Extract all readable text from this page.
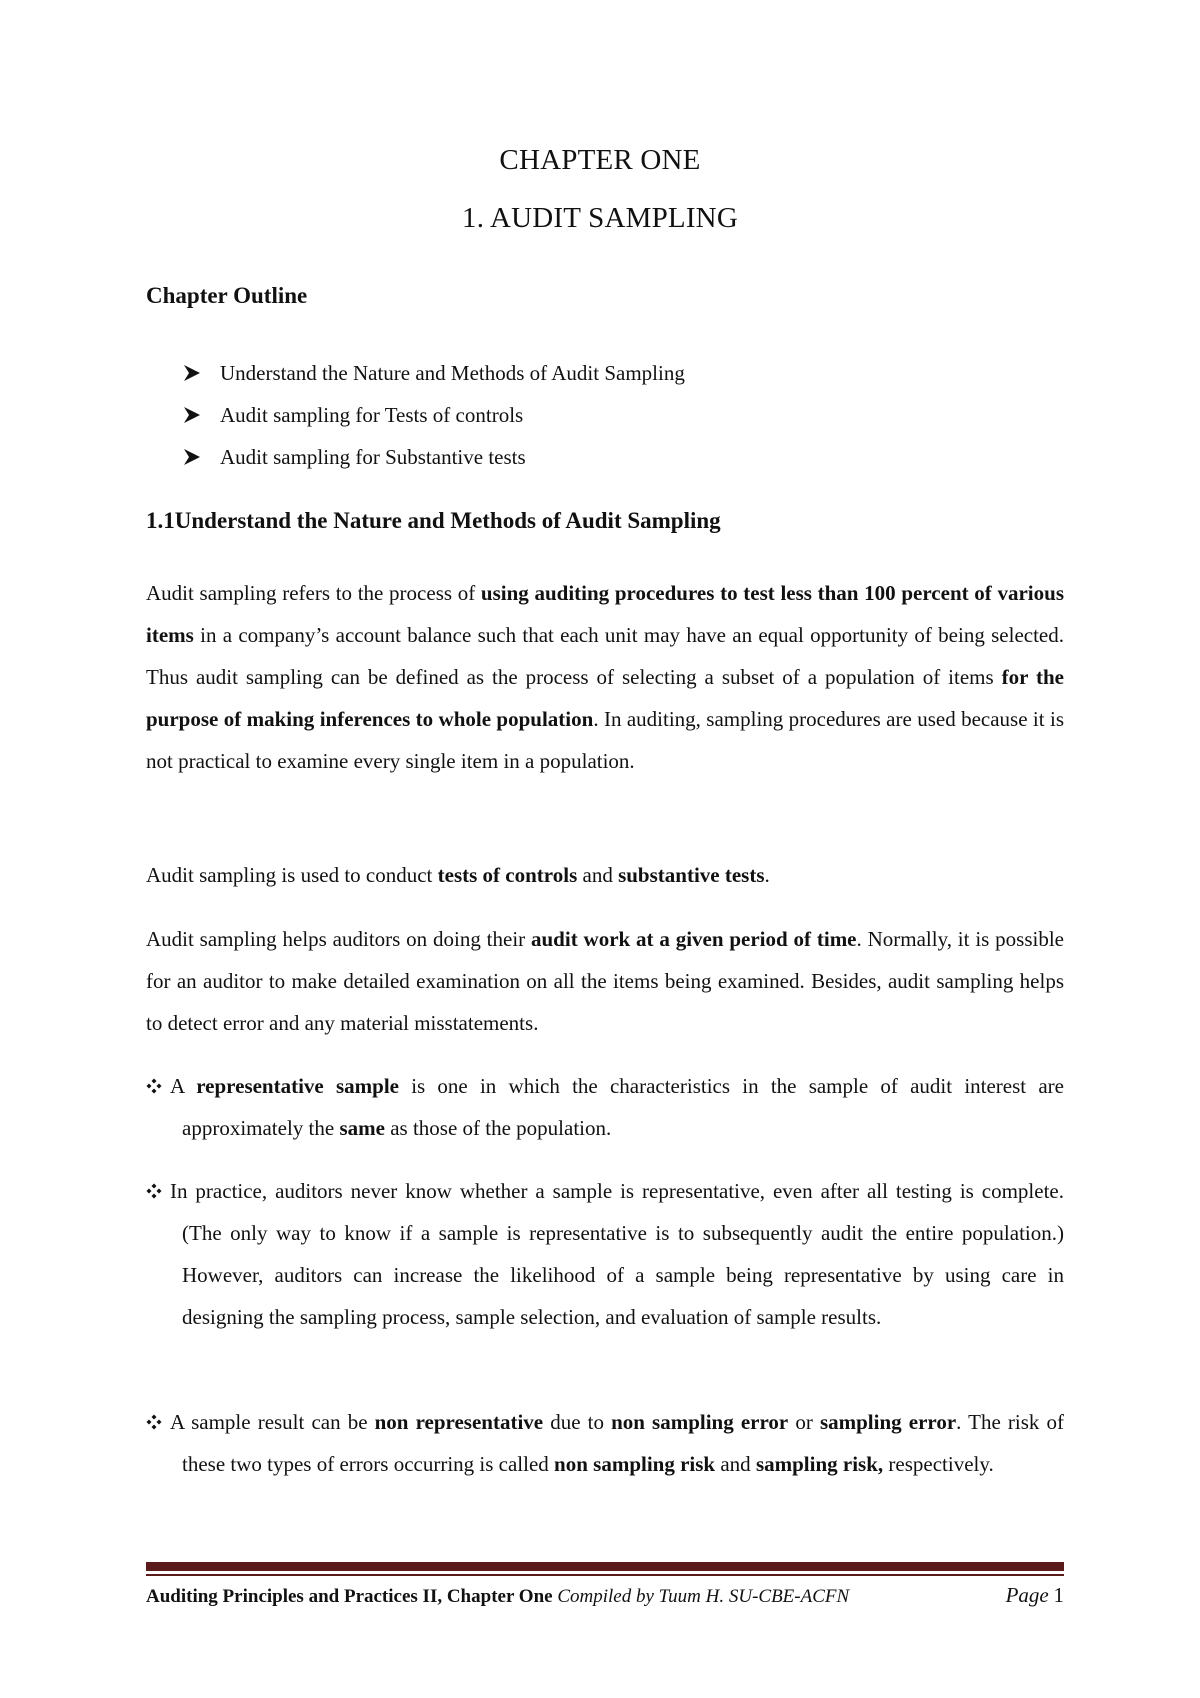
CHAPTER ONE
1. AUDIT SAMPLING
Chapter Outline
Understand the Nature and Methods of Audit Sampling
Audit sampling for Tests of controls
Audit sampling for Substantive tests
1.1Understand the Nature and Methods of Audit Sampling

Audit sampling refers to the process of using auditing procedures to test less than 100 percent of various items in a company’s account balance such that each unit may have an equal opportunity of being selected. Thus audit sampling can be defined as the process of selecting a subset of a population of items for the purpose of making inferences to whole population. In auditing, sampling procedures are used because it is not practical to examine every single item in a population.

Audit sampling is used to conduct tests of controls and substantive tests.

Audit sampling helps auditors on doing their audit work at a given period of time. Normally, it is possible for an auditor to make detailed examination on all the items being examined. Besides, audit sampling helps to detect error and any material misstatements.

A representative sample is one in which the characteristics in the sample of audit interest are approximately the same as those of the population.

In practice, auditors never know whether a sample is representative, even after all testing is complete. (The only way to know if a sample is representative is to subsequently audit the entire population.) However, auditors can increase the likelihood of a sample being representative by using care in designing the sampling process, sample selection, and evaluation of sample results.

A sample result can be non representative due to non sampling error or sampling error. The risk of these two types of errors occurring is called non sampling risk and sampling risk, respectively.

Auditing Principles and Practices II, Chapter One Compiled by Tuum H. SU-CBE-ACFN	Page 1
